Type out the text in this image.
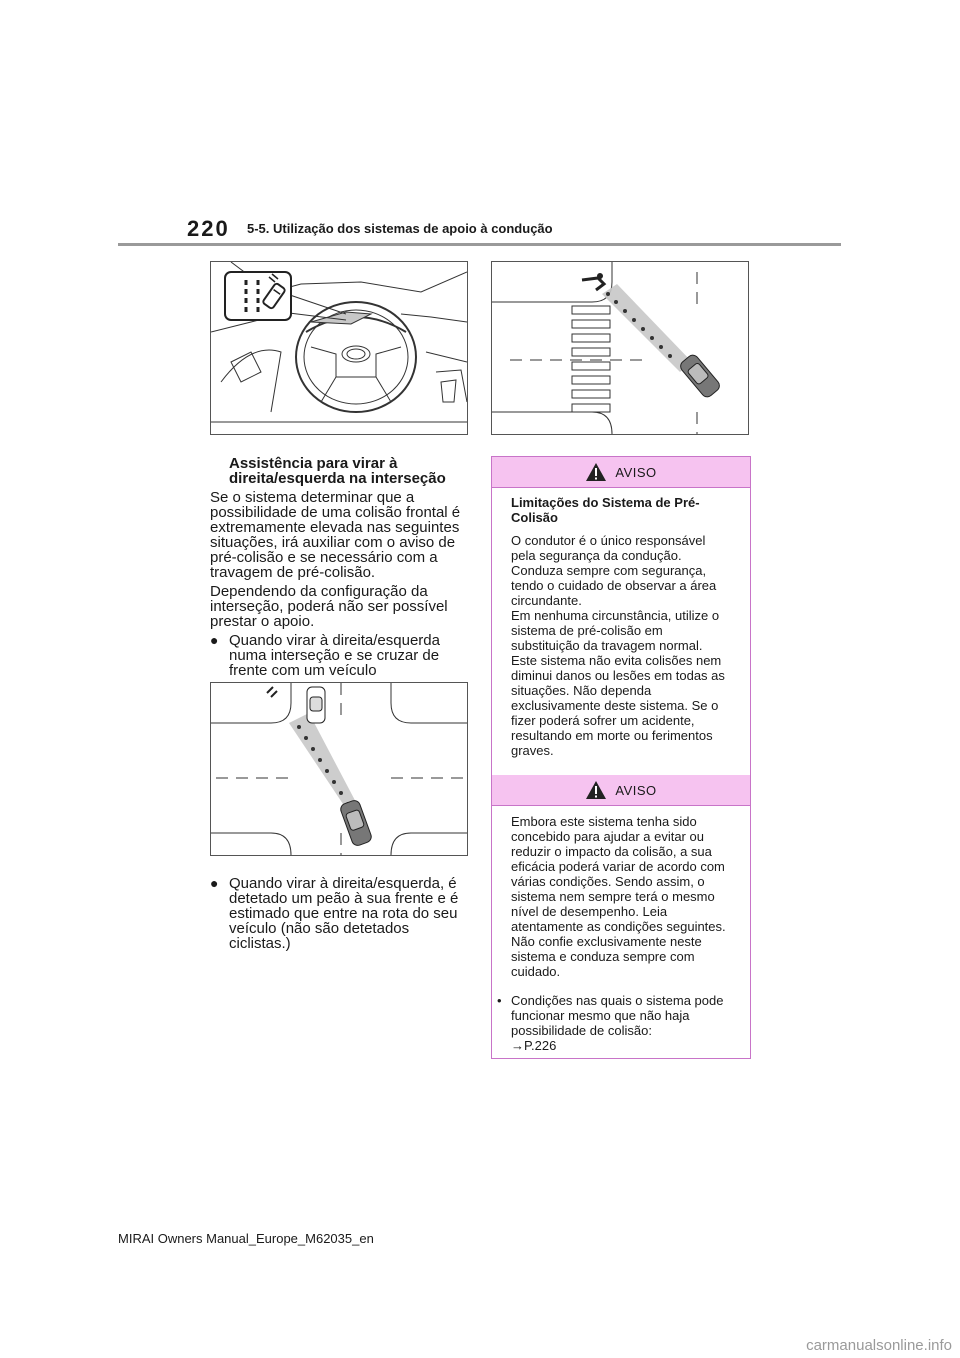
220 5-5. Utilização dos sistemas de apoio à condução
Assistência para virar à direita/esquerda na interseção

Se o sistema determinar que a possibilidade de uma colisão frontal é extremamente elevada nas seguintes situações, irá auxiliar com o aviso de pré-colisão e se necessário com a travagem de pré-colisão.

Dependendo da configuração da interseção, poderá não ser possível prestar o apoio.

● Quando virar à direita/esquerda numa interseção e se cruzar de frente com um veículo
● Quando virar à direita/esquerda, é detetado um peão à sua frente e é estimado que entre na rota do seu veículo (não são detetados ciclistas.)
AVISO

Limitações do Sistema de Pré-Colisão

O condutor é o único responsável pela segurança da condução. Conduza sempre com segurança, tendo o cuidado de observar a área circundante.

Em nenhuma circunstância, utilize o sistema de pré-colisão em substituição da travagem normal. Este sistema não evita colisões nem diminui danos ou lesões em todas as situações. Não dependa exclusivamente deste sistema. Se o fizer poderá sofrer um acidente, resultando em morte ou ferimentos graves.

AVISO

Embora este sistema tenha sido concebido para ajudar a evitar ou reduzir o impacto da colisão, a sua eficácia poderá variar de acordo com várias condições. Sendo assim, o sistema nem sempre terá o mesmo nível de desempenho. Leia atentamente as condições seguintes. Não confie exclusivamente neste sistema e conduza sempre com cuidado.

• Condições nas quais o sistema pode funcionar mesmo que não haja possibilidade de colisão:
→P.226
MIRAI Owners Manual_Europe_M62035_en
carmanualsonline.info
